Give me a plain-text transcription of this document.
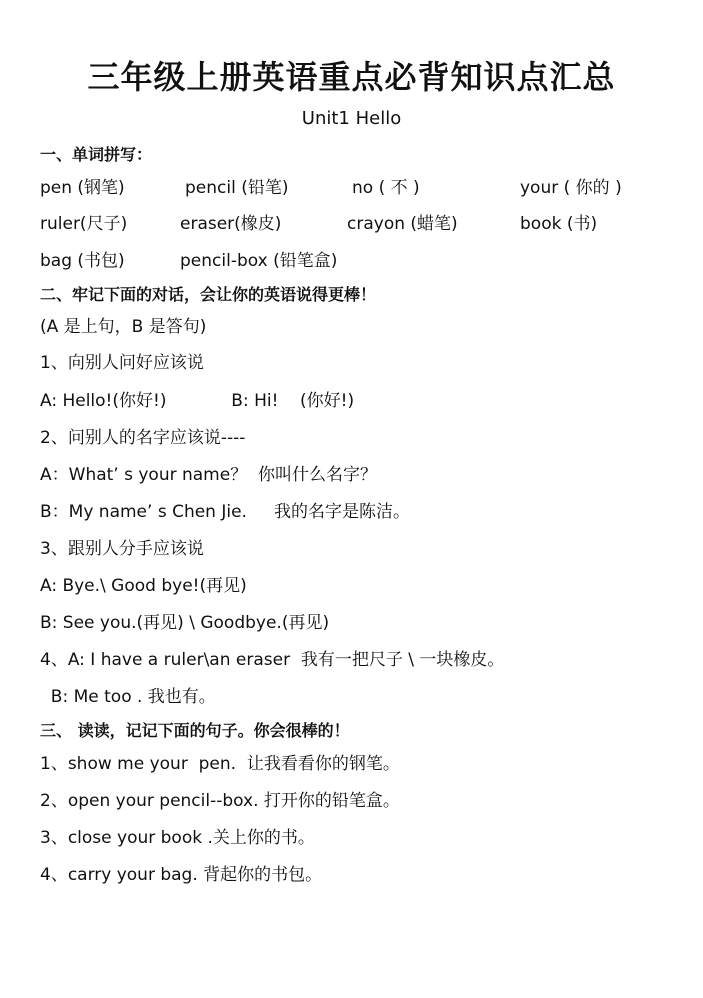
三年级上册英语重点必背知识点汇总
Unit1 Hello
一、单词拼写：
pen (钢笔)	pencil (铅笔)	no ( 不 )	your ( 你的 )
ruler(尺子)	eraser(橡皮)	crayon (蜡笔)	book (书)
bag (书包)	pencil-box (铅笔盒)
二、牢记下面的对话，会让你的英语说得更棒！
(A 是上句，B 是答句)
1、向别人问好应该说
A: Hello!(你好!)            B: Hi!    (你好!)
2、问别人的名字应该说----
A：What’ s your name？  你叫什么名字？
B：My name’ s Chen Jie.     我的名字是陈洁。
3、跟别人分手应该说
A: Bye.\ Good bye!(再见)
B: See you.(再见) \ Goodbye.(再见)
4、A: I have a ruler\an eraser  我有一把尺子 \ 一块橡皮。
B: Me too . 我也有。
三、 读读，记记下面的句子。你会很棒的！
1、show me your  pen.  让我看看你的钢笔。
2、open your pencil--box. 打开你的铅笔盒。
3、close your book .关上你的书。
4、carry your bag. 背起你的书包。
